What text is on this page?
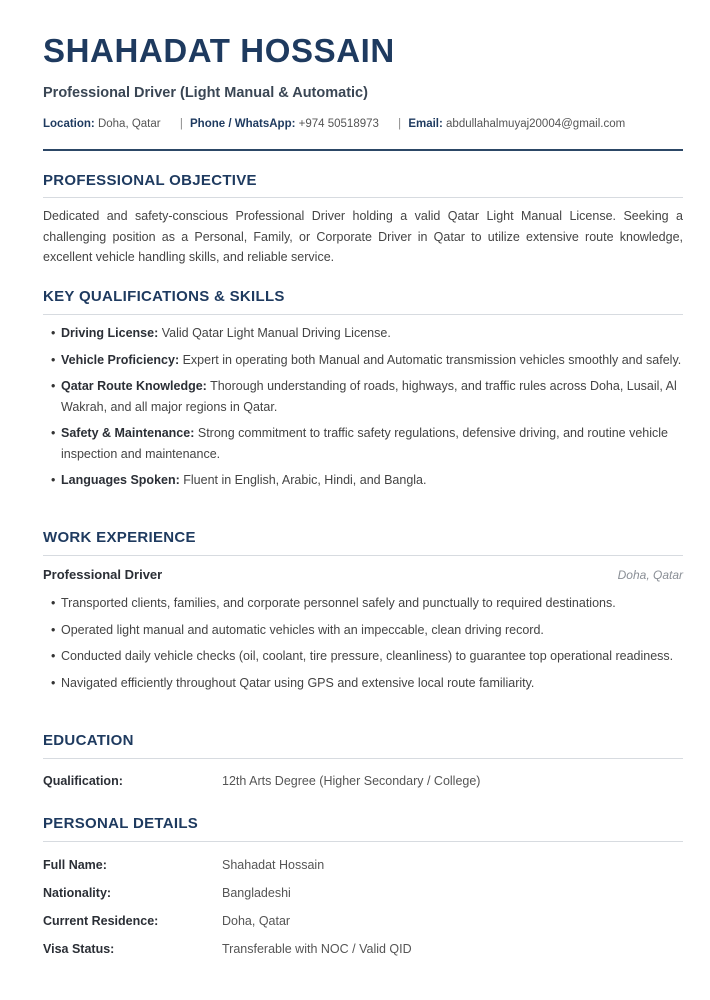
SHAHADAT HOSSAIN
Professional Driver (Light Manual & Automatic)
Location: Doha, Qatar | Phone / WhatsApp: +974 50518973 | Email: abdullahalmuyaj20004@gmail.com
PROFESSIONAL OBJECTIVE

Dedicated and safety-conscious Professional Driver holding a valid Qatar Light Manual License. Seeking a challenging position as a Personal, Family, or Corporate Driver in Qatar to utilize extensive route knowledge, excellent vehicle handling skills, and reliable service.

KEY QUALIFICATIONS & SKILLS
• Driving License: Valid Qatar Light Manual Driving License.
• Vehicle Proficiency: Expert in operating both Manual and Automatic transmission vehicles smoothly and safely.
• Qatar Route Knowledge: Thorough understanding of roads, highways, and traffic rules across Doha, Lusail, Al Wakrah, and all major regions in Qatar.
• Safety & Maintenance: Strong commitment to traffic safety regulations, defensive driving, and routine vehicle inspection and maintenance.
• Languages Spoken: Fluent in English, Arabic, Hindi, and Bangla.
WORK EXPERIENCE
Professional Driver	Doha, Qatar
• Transported clients, families, and corporate personnel safely and punctually to required destinations.
• Operated light manual and automatic vehicles with an impeccable, clean driving record.
• Conducted daily vehicle checks (oil, coolant, tire pressure, cleanliness) to guarantee top operational readiness.
• Navigated efficiently throughout Qatar using GPS and extensive local route familiarity.
EDUCATION
Qualification:	12th Arts Degree (Higher Secondary / College)
PERSONAL DETAILS
Full Name:	Shahadat Hossain
Nationality:	Bangladeshi
Current Residence:	Doha, Qatar
Visa Status:	Transferable with NOC / Valid QID
